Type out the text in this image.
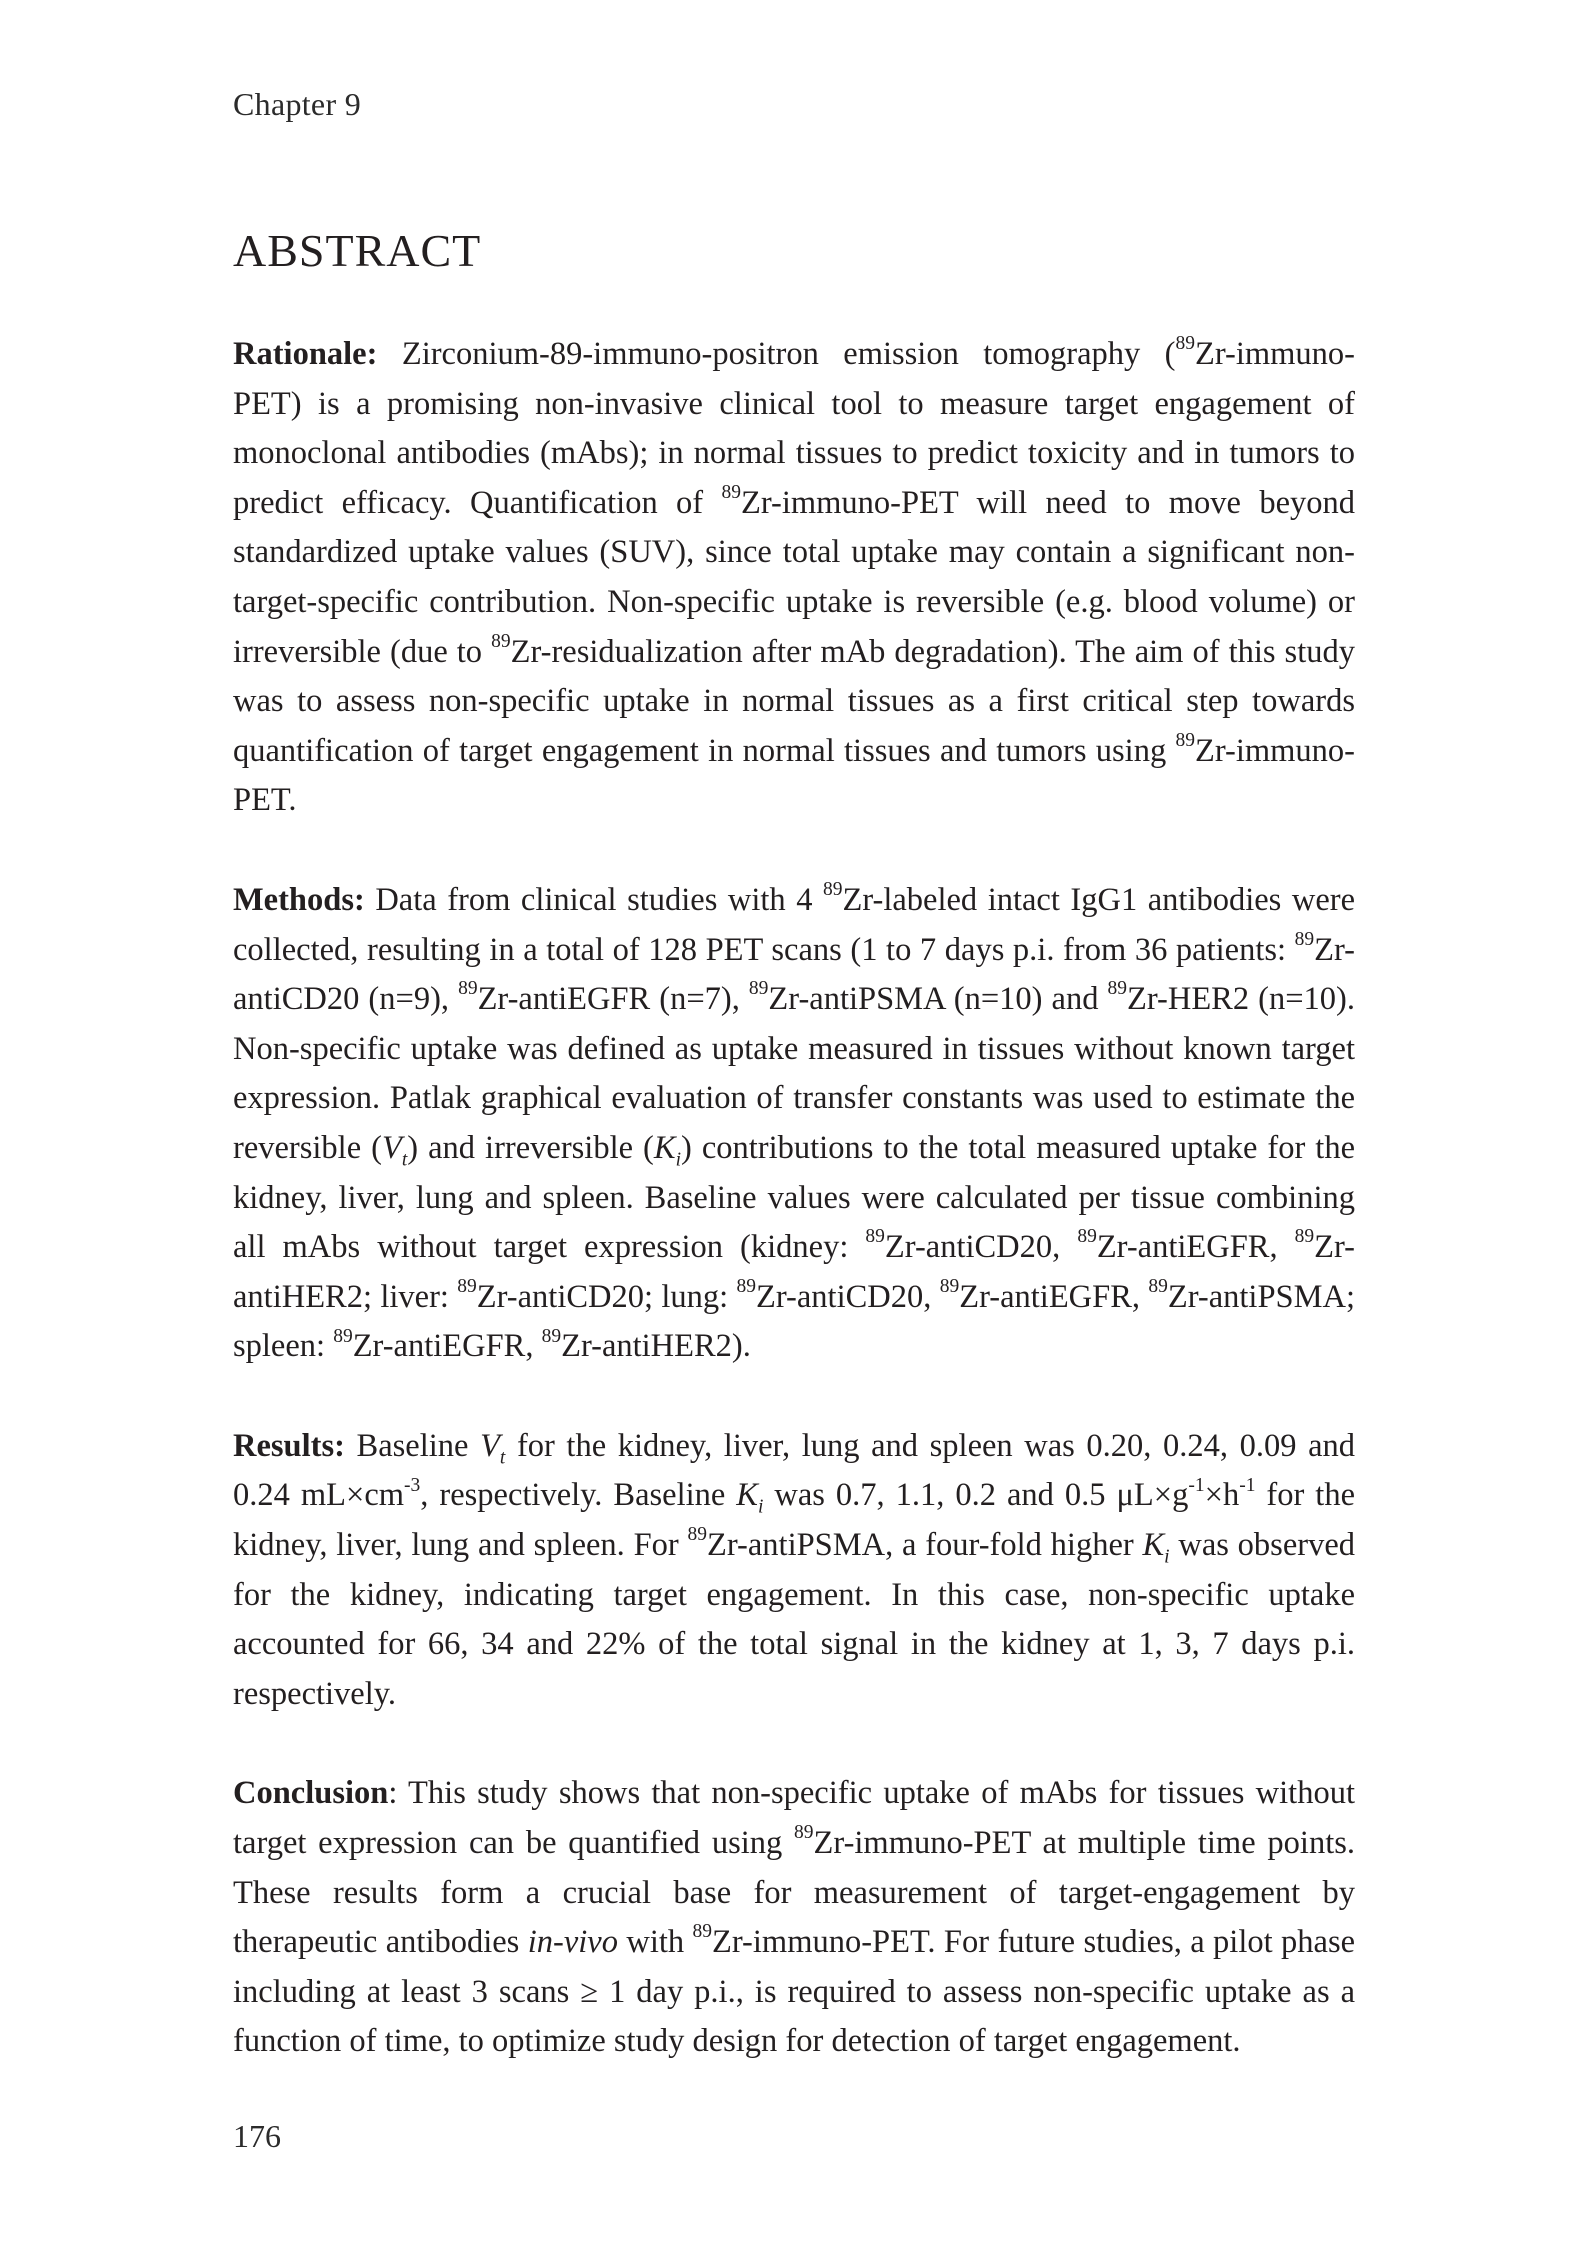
Chapter 9
ABSTRACT

Rationale: Zirconium-89-immuno-positron emission tomography ($^{89}$Zr-immuno-PET) is a promising non-invasive clinical tool to measure target engagement of monoclonal antibodies (mAbs); in normal tissues to predict toxicity and in tumors to predict efficacy. Quantification of $^{89}$Zr-immuno-PET will need to move beyond standardized uptake values (SUV), since total uptake may contain a significant non-target-specific contribution. Non-specific uptake is reversible (e.g. blood volume) or irreversible (due to $^{89}$Zr-residualization after mAb degradation). The aim of this study was to assess non-specific uptake in normal tissues as a first critical step towards quantification of target engagement in normal tissues and tumors using $^{89}$Zr-immuno-PET.

Methods: Data from clinical studies with 4 $^{89}$Zr-labeled intact IgG1 antibodies were collected, resulting in a total of 128 PET scans (1 to 7 days p.i. from 36 patients: $^{89}$Zr-antiCD20 (n=9), $^{89}$Zr-antiEGFR (n=7), $^{89}$Zr-antiPSMA (n=10) and $^{89}$Zr-HER2 (n=10). Non-specific uptake was defined as uptake measured in tissues without known target expression. Patlak graphical evaluation of transfer constants was used to estimate the reversible $(V_t)$ and irreversible $(K_i)$ contributions to the total measured uptake for the kidney, liver, lung and spleen. Baseline values were calculated per tissue combining all mAbs without target expression (kidney: $^{89}$Zr-antiCD20, $^{89}$Zr-antiEGFR, $^{89}$Zr-antiHER2; liver: $^{89}$Zr-antiCD20; lung: $^{89}$Zr-antiCD20, $^{89}$Zr-antiEGFR, $^{89}$Zr-antiPSMA; spleen: $^{89}$Zr-antiEGFR, $^{89}$Zr-antiHER2).

Results: Baseline $V_t$ for the kidney, liver, lung and spleen was 0.20, 0.24, 0.09 and 0.24 $mL\times cm^{-3}$, respectively. Baseline $K_i$ was 0.7, 1.1, 0.2 and 0.5 $\mu L\times g^{-1}\times h^{-1}$ for the kidney, liver, lung and spleen. For $^{89}$Zr-antiPSMA, a four-fold higher $K_i$ was observed for the kidney, indicating target engagement. In this case, non-specific uptake accounted for 66, 34 and 22% of the total signal in the kidney at 1, 3, 7 days p.i. respectively.

Conclusion: This study shows that non-specific uptake of mAbs for tissues without target expression can be quantified using $^{89}$Zr-immuno-PET at multiple time points. These results form a crucial base for measurement of target-engagement by therapeutic antibodies in-vivo with $^{89}$Zr-immuno-PET. For future studies, a pilot phase including at least 3 scans ≥ 1 day p.i., is required to assess non-specific uptake as a function of time, to optimize study design for detection of target engagement.

176
